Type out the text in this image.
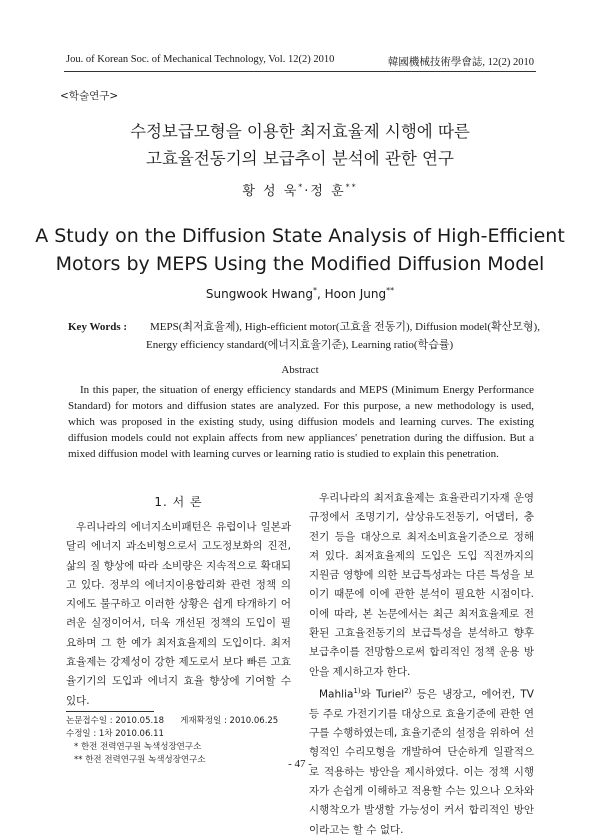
Jou. of Korean Soc. of Mechanical Technology, Vol. 12(2) 2010	韓國機械技術學會誌, 12(2) 2010
<학술연구>
수정보급모형을 이용한 최저효율제 시행에 따른
고효율전동기의 보급추이 분석에 관한 연구
황 성 욱*·정 훈**
A Study on the Diffusion State Analysis of High-Efficient
Motors by MEPS Using the Modified Diffusion Model
Sungwook Hwang*, Hoon Jung**
Key Words : MEPS(최저효율제), High-efficient motor(고효율 전동기), Diffusion model(확산모형),
Energy efficiency standard(에너지효율기준), Learning ratio(학습률)
Abstract
In this paper, the situation of energy efficiency standards and MEPS (Minimum Energy Performance Standard) for motors and diffusion states are analyzed. For this purpose, a new methodology is used, which was proposed in the existing study, using diffusion models and learning curves. The existing diffusion models could not explain affects from new appliances' penetration during the diffusion. But a mixed diffusion model with learning curves or learning ratio is studied to explain this penetration.
1. 서 론

우리나라의 에너지소비패턴은 유럽이나 일본과 달리 에너지 과소비형으로서 고도정보화의 진전, 삶의 질 향상에 따라 소비량은 지속적으로 확대되고 있다. 정부의 에너지이용합리화 관련 정책 의지에도 불구하고 이러한 상황은 쉽게 타개하기 어려운 실정이어서, 더욱 개선된 정책의 도입이 필요하며 그 한 예가 최저효율제의 도입이다. 최저효율제는 강제성이 강한 제도로서 보다 빠른 고효율기기의 도입과 에너지 효율 향상에 기여할 수 있다.

논문접수일 : 2010.05.18 게재확정일 : 2010.06.25
수정일 : 1차 2010.06.11
* 한전 전력연구원 녹색성장연구소
** 한전 전력연구원 녹색성장연구소

우리나라의 최저효율제는 효율관리기자재 운영규정에서 조명기기, 삼상유도전동기, 어댑터, 충전기 등을 대상으로 최저소비효율기준으로 정해져 있다. 최저효율제의 도입은 도입 직전까지의 지원금 영향에 의한 보급특성과는 다른 특성을 보이기 때문에 이에 관한 분석이 필요한 시점이다. 이에 따라, 본 논문에서는 최근 최저효율제로 전환된 고효율전동기의 보급특성을 분석하고 향후 보급추이를 전망함으로써 합리적인 정책 운용 방안을 제시하고자 한다.

Mahlia$^{1)}$와 Turiel$^{2)}$ 등은 냉장고, 에어컨, TV 등 주로 가전기기를 대상으로 효율기준에 관한 연구를 수행하였는데, 효율기준의 설정을 위하여 선형적인 수리모형을 개발하여 단순하게 일괄적으로 적용하는 방안을 제시하였다. 이는 정책 시행자가 손쉽게 이해하고 적용할 수는 있으나 오차와 시행착오가 발생할 가능성이 커서 합리적인 방안이라고는 할 수 없다.

- 47 -
